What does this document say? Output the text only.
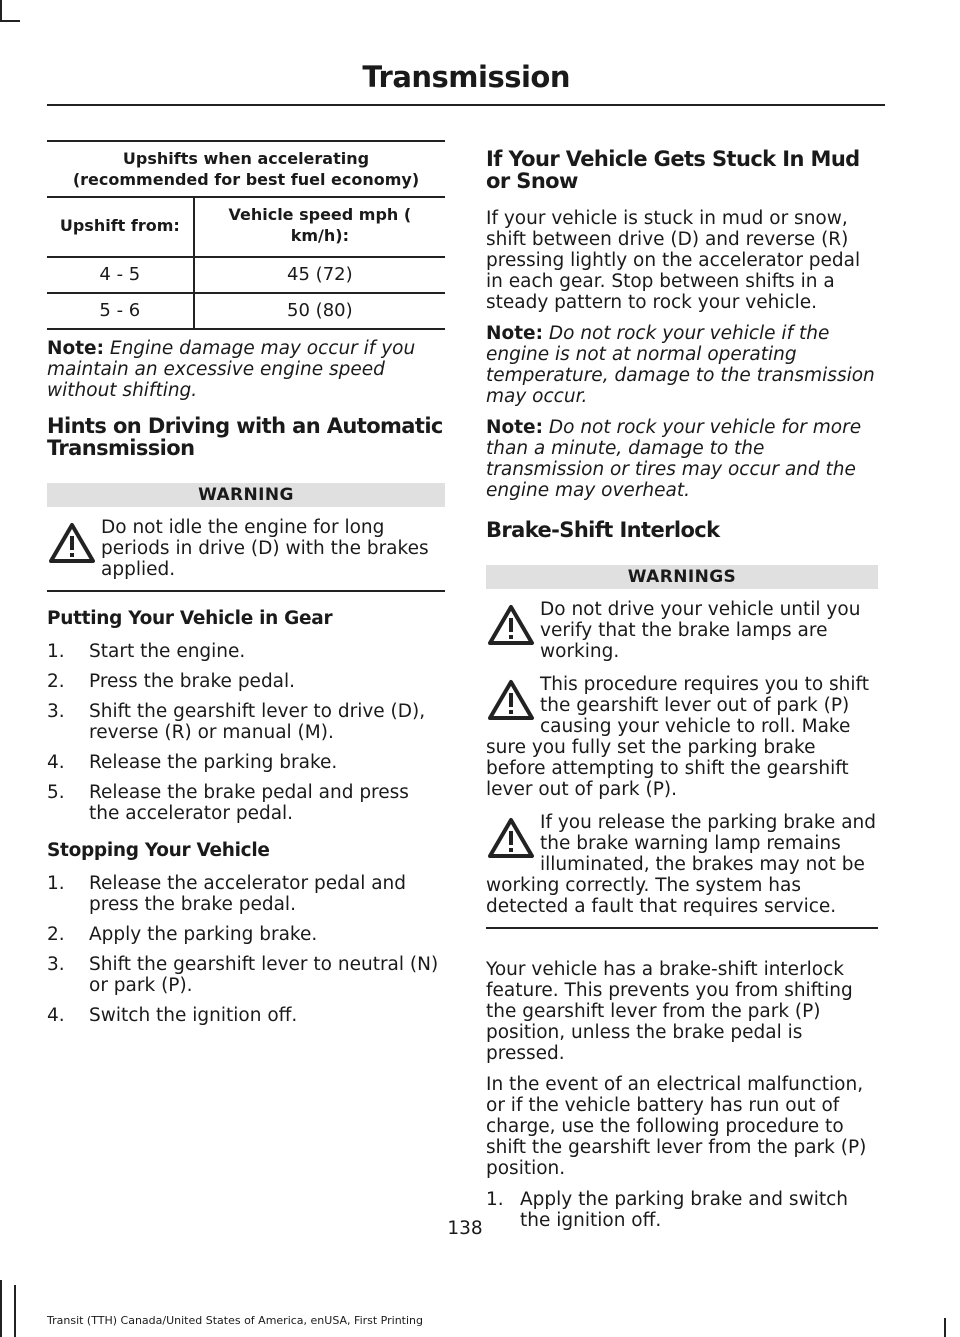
Transmission
Upshifts when accelerating (recommended for best fuel economy)	
Upshift from:	Vehicle speed mph ( km/h):
4 - 5	45 (72)
5 - 6	50 (80)

Note: Engine damage may occur if you maintain an excessive engine speed without shifting.

Hints on Driving with an Automatic Transmission
WARNING
Do not idle the engine for long periods in drive (D) with the brakes applied.
Putting Your Vehicle in Gear
1. Start the engine.
2. Press the brake pedal.
3. Shift the gearshift lever to drive (D), reverse (R) or manual (M).
4. Release the parking brake.
5. Release the brake pedal and press the accelerator pedal.
Stopping Your Vehicle
1. Release the accelerator pedal and press the brake pedal.
2. Apply the parking brake.
3. Shift the gearshift lever to neutral (N) or park (P).
4. Switch the ignition off.
If Your Vehicle Gets Stuck In Mud or Snow

If your vehicle is stuck in mud or snow, shift between drive (D) and reverse (R) pressing lightly on the accelerator pedal in each gear. Stop between shifts in a steady pattern to rock your vehicle.

Note: Do not rock your vehicle if the engine is not at normal operating temperature, damage to the transmission may occur.

Note: Do not rock your vehicle for more than a minute, damage to the transmission or tires may occur and the engine may overheat.

Brake-Shift Interlock
WARNINGS
Do not drive your vehicle until you verify that the brake lamps are working.
This procedure requires you to shift the gearshift lever out of park (P) causing your vehicle to roll. Make sure you fully set the parking brake before attempting to shift the gearshift lever out of park (P).
If you release the parking brake and the brake warning lamp remains illuminated, the brakes may not be working correctly. The system has detected a fault that requires service.

Your vehicle has a brake-shift interlock feature. This prevents you from shifting the gearshift lever from the park (P) position, unless the brake pedal is pressed.

In the event of an electrical malfunction, or if the vehicle battery has run out of charge, use the following procedure to shift the gearshift lever from the park (P) position.

1. Apply the parking brake and switch the ignition off.
138
Transit (TTH) Canada/United States of America, enUSA, First Printing
